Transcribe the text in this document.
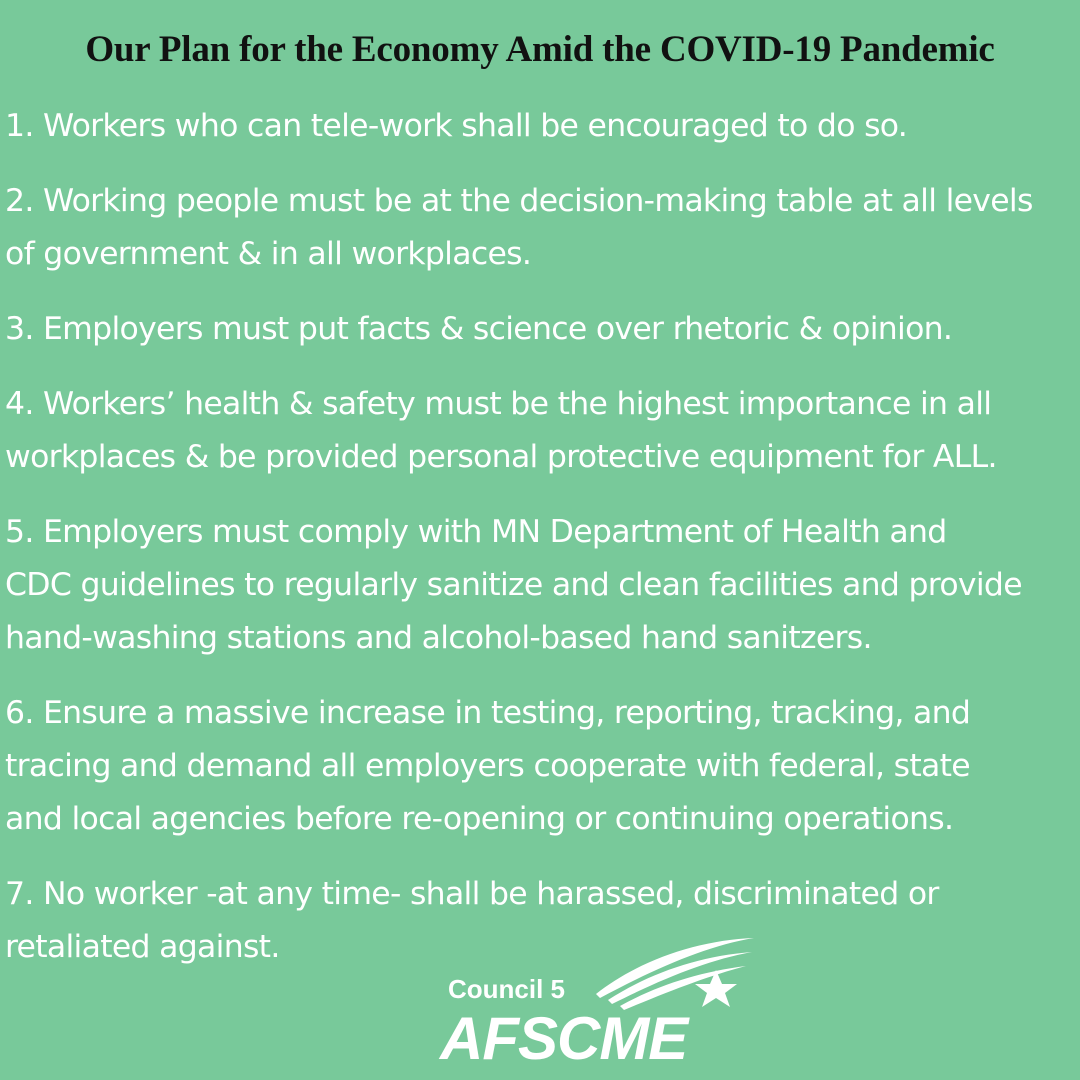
Our Plan for the Economy Amid the COVID-19 Pandemic
1. Workers who can tele-work shall be encouraged to do so.
2. Working people must be at the decision-making table at all levels
of government & in all workplaces.
3. Employers must put facts & science over rhetoric & opinion.
4. Workers’ health & safety must be the highest importance in all
workplaces & be provided personal protective equipment for ALL.
5. Employers must comply with MN Department of Health and
CDC guidelines to regularly sanitize and clean facilities and provide
hand-washing stations and alcohol-based hand sanitzers.
6. Ensure a massive increase in testing, reporting, tracking, and
tracing and demand all employers cooperate with federal, state
and local agencies before re-opening or continuing operations.
7. No worker -at any time- shall be harassed, discriminated or
retaliated against.
Council 5
AFSCME
